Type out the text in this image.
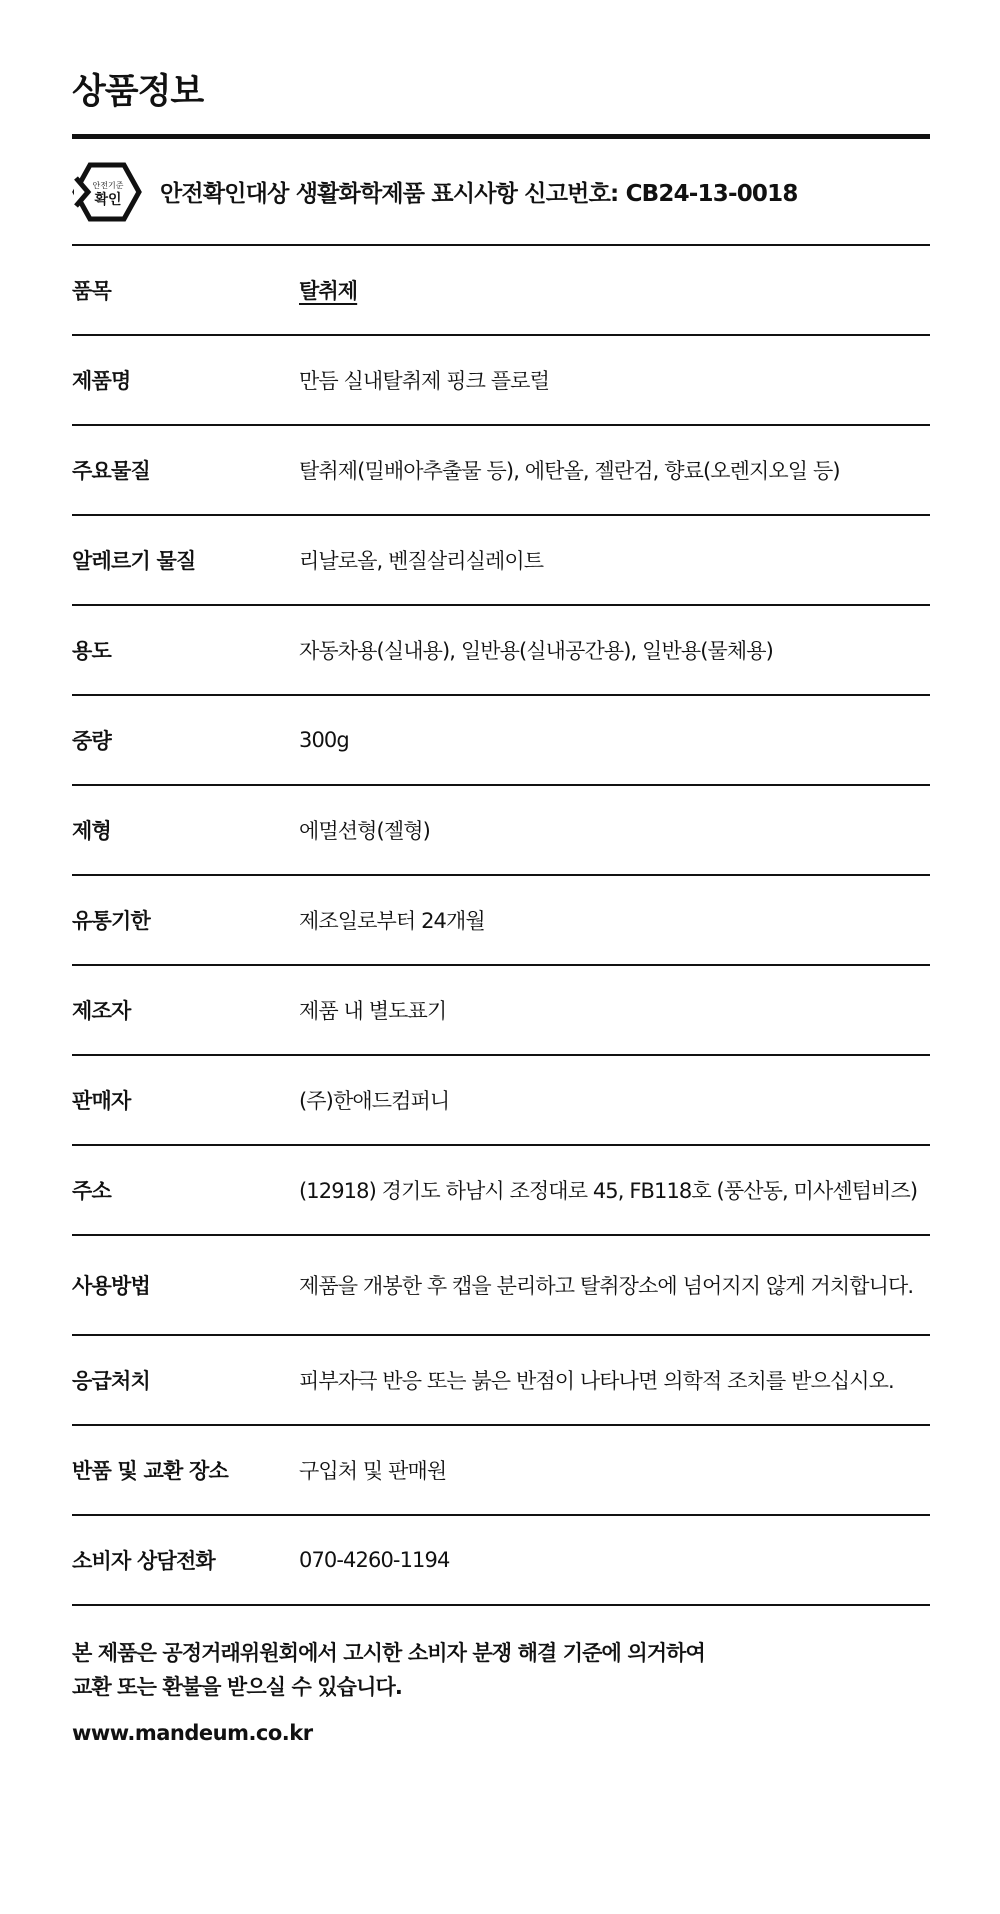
상품정보
안전기준
확인 안전확인대상 생활화학제품 표시사항 신고번호: CB24-13-0018
품목	탈취제
제품명	만듬 실내탈취제 핑크 플로럴
주요물질	탈취제(밀배아추출물 등), 에탄올, 젤란검, 향료(오렌지오일 등)
알레르기 물질	리날로올, 벤질살리실레이트
용도	자동차용(실내용), 일반용(실내공간용), 일반용(물체용)
중량	300g
제형	에멀션형(젤형)
유통기한	제조일로부터 24개월
제조자	제품 내 별도표기
판매자	(주)한애드컴퍼니
주소	(12918) 경기도 하남시 조정대로 45, FB118호 (풍산동, 미사센텀비즈)
사용방법	제품을 개봉한 후 캡을 분리하고 탈취장소에 넘어지지 않게 거치합니다.
응급처치	피부자극 반응 또는 붉은 반점이 나타나면 의학적 조치를 받으십시오.
반품 및 교환 장소	구입처 및 판매원
소비자 상담전화	070-4260-1194
본 제품은 공정거래위원회에서 고시한 소비자 분쟁 해결 기준에 의거하여
교환 또는 환불을 받으실 수 있습니다.
www.mandeum.co.kr
